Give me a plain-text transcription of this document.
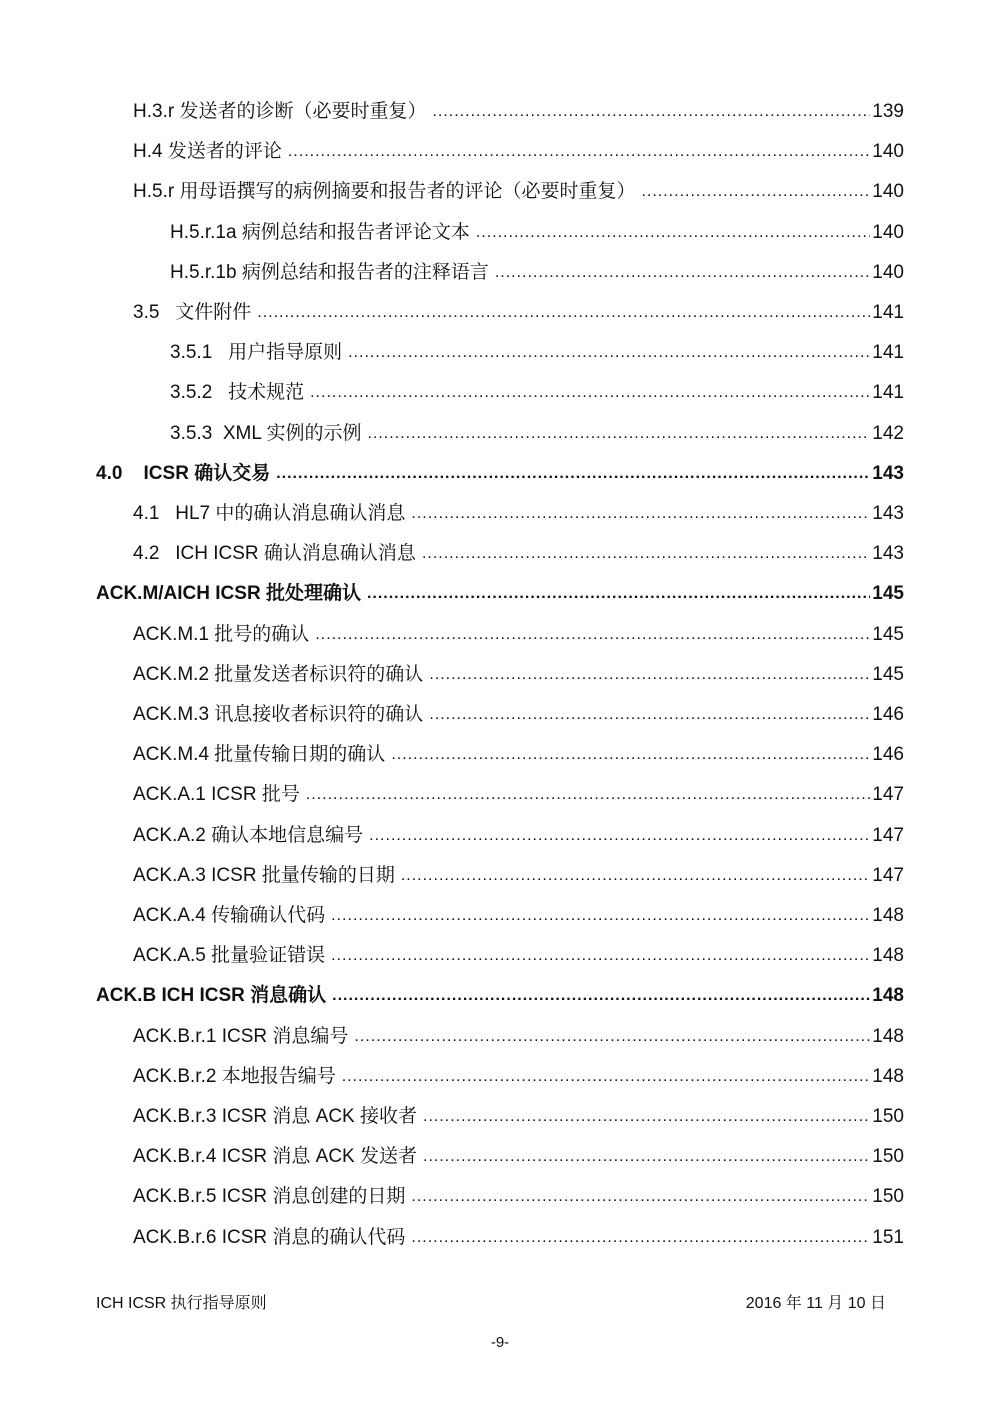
H.3.r 发送者的诊断（必要时重复） .....	139
H.4 发送者的评论 .....	140
H.5.r 用母语撰写的病例摘要和报告者的评论（必要时重复） .....	140
H.5.r.1a 病例总结和报告者评论文本 .....	140
H.5.r.1b 病例总结和报告者的注释语言 .....	140
3.5   文件附件 .....	141
3.5.1   用户指导原则 .....	141
3.5.2   技术规范 .....	141
3.5.3  XML 实例的示例 .....	142
4.0    ICSR 确认交易 .....	143
4.1   HL7 中的确认消息确认消息 .....	143
4.2   ICH ICSR 确认消息确认消息 .....	143
ACK.M/AICH ICSR 批处理确认 .....	145
ACK.M.1 批号的确认 .....	145
ACK.M.2 批量发送者标识符的确认 .....	145
ACK.M.3 讯息接收者标识符的确认 .....	146
ACK.M.4 批量传输日期的确认 .....	146
ACK.A.1 ICSR 批号 .....	147
ACK.A.2 确认本地信息编号 .....	147
ACK.A.3 ICSR 批量传输的日期 .....	147
ACK.A.4 传输确认代码 .....	148
ACK.A.5 批量验证错误 .....	148
ACK.B ICH ICSR 消息确认 .....	148
ACK.B.r.1 ICSR 消息编号 .....	148
ACK.B.r.2 本地报告编号 .....	148
ACK.B.r.3 ICSR 消息 ACK 接收者 .....	150
ACK.B.r.4 ICSR 消息 ACK 发送者 .....	150
ACK.B.r.5 ICSR 消息创建的日期 .....	150
ACK.B.r.6 ICSR 消息的确认代码 .....	151
ICH ICSR 执行指导原则	2016 年 11 月 10 日
-9-
